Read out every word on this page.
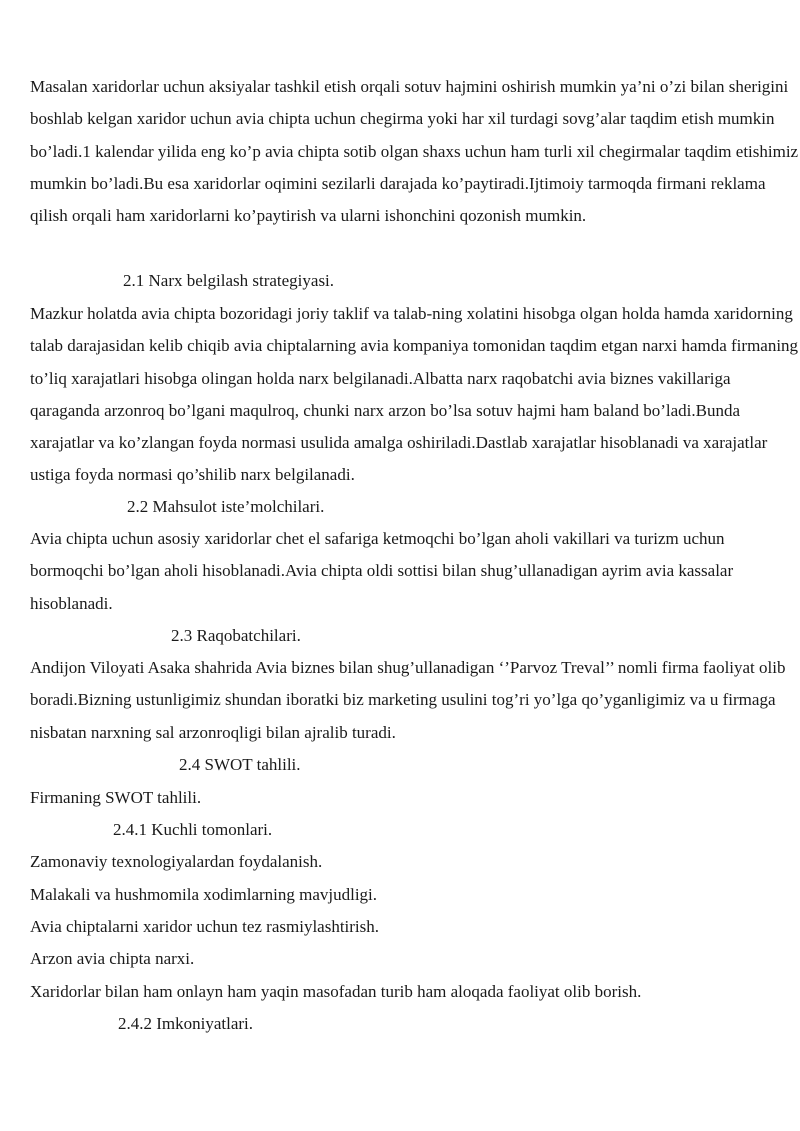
Masalan xaridorlar uchun aksiyalar tashkil etish orqali sotuv hajmini oshirish mumkin ya’ni o’zi bilan sherigini boshlab kelgan xaridor uchun avia chipta uchun chegirma yoki har xil turdagi sovg’alar taqdim etish mumkin bo’ladi.1 kalendar yilida eng ko’p avia chipta sotib olgan shaxs uchun ham turli xil chegirmalar taqdim etishimiz mumkin bo’ladi.Bu esa xaridorlar oqimini sezilarli darajada ko’paytiradi.Ijtimoiy tarmoqda firmani reklama qilish orqali ham xaridorlarni ko’paytirish va ularni ishonchini qozonish mumkin.
2.1 Narx belgilash strategiyasi.
Mazkur holatda avia chipta bozoridagi joriy taklif va talab-ning xolatini hisobga olgan holda hamda xaridorning talab darajasidan kelib chiqib avia chiptalarning avia kompaniya tomonidan taqdim etgan narxi hamda firmaning to’liq xarajatlari hisobga olingan holda narx belgilanadi.Albatta narx raqobatchi avia biznes vakillariga qaraganda arzonroq bo’lgani maqulroq, chunki narx arzon bo’lsa sotuv hajmi ham baland bo’ladi.Bunda xarajatlar va ko’zlangan foyda normasi usulida amalga oshiriladi.Dastlab xarajatlar hisoblanadi va xarajatlar ustiga foyda normasi qo’shilib narx belgilanadi.
2.2 Mahsulot iste’molchilari.
Avia chipta uchun asosiy xaridorlar chet el safariga ketmoqchi bo’lgan aholi vakillari va turizm uchun bormoqchi bo’lgan aholi hisoblanadi.Avia chipta oldi sottisi bilan shug’ullanadigan ayrim avia kassalar hisoblanadi.
2.3 Raqobatchilari.
Andijon Viloyati Asaka shahrida Avia biznes bilan shug’ullanadigan ‘’Parvoz Treval’’ nomli firma faoliyat olib boradi.Bizning ustunligimiz shundan iboratki biz marketing usulini tog’ri yo’lga qo’yganligimiz va u firmaga nisbatan narxning sal arzonroqligi bilan ajralib turadi.
2.4 SWOT tahlili.
Firmaning SWOT tahlili.
2.4.1 Kuchli tomonlari.
Zamonaviy texnologiyalardan foydalanish.
Malakali va hushmomila xodimlarning mavjudligi.
Avia chiptalarni xaridor uchun tez rasmiylashtirish.
Arzon avia chipta narxi.
Xaridorlar bilan ham onlayn ham yaqin masofadan turib ham aloqada faoliyat olib borish.
2.4.2 Imkoniyatlari.
